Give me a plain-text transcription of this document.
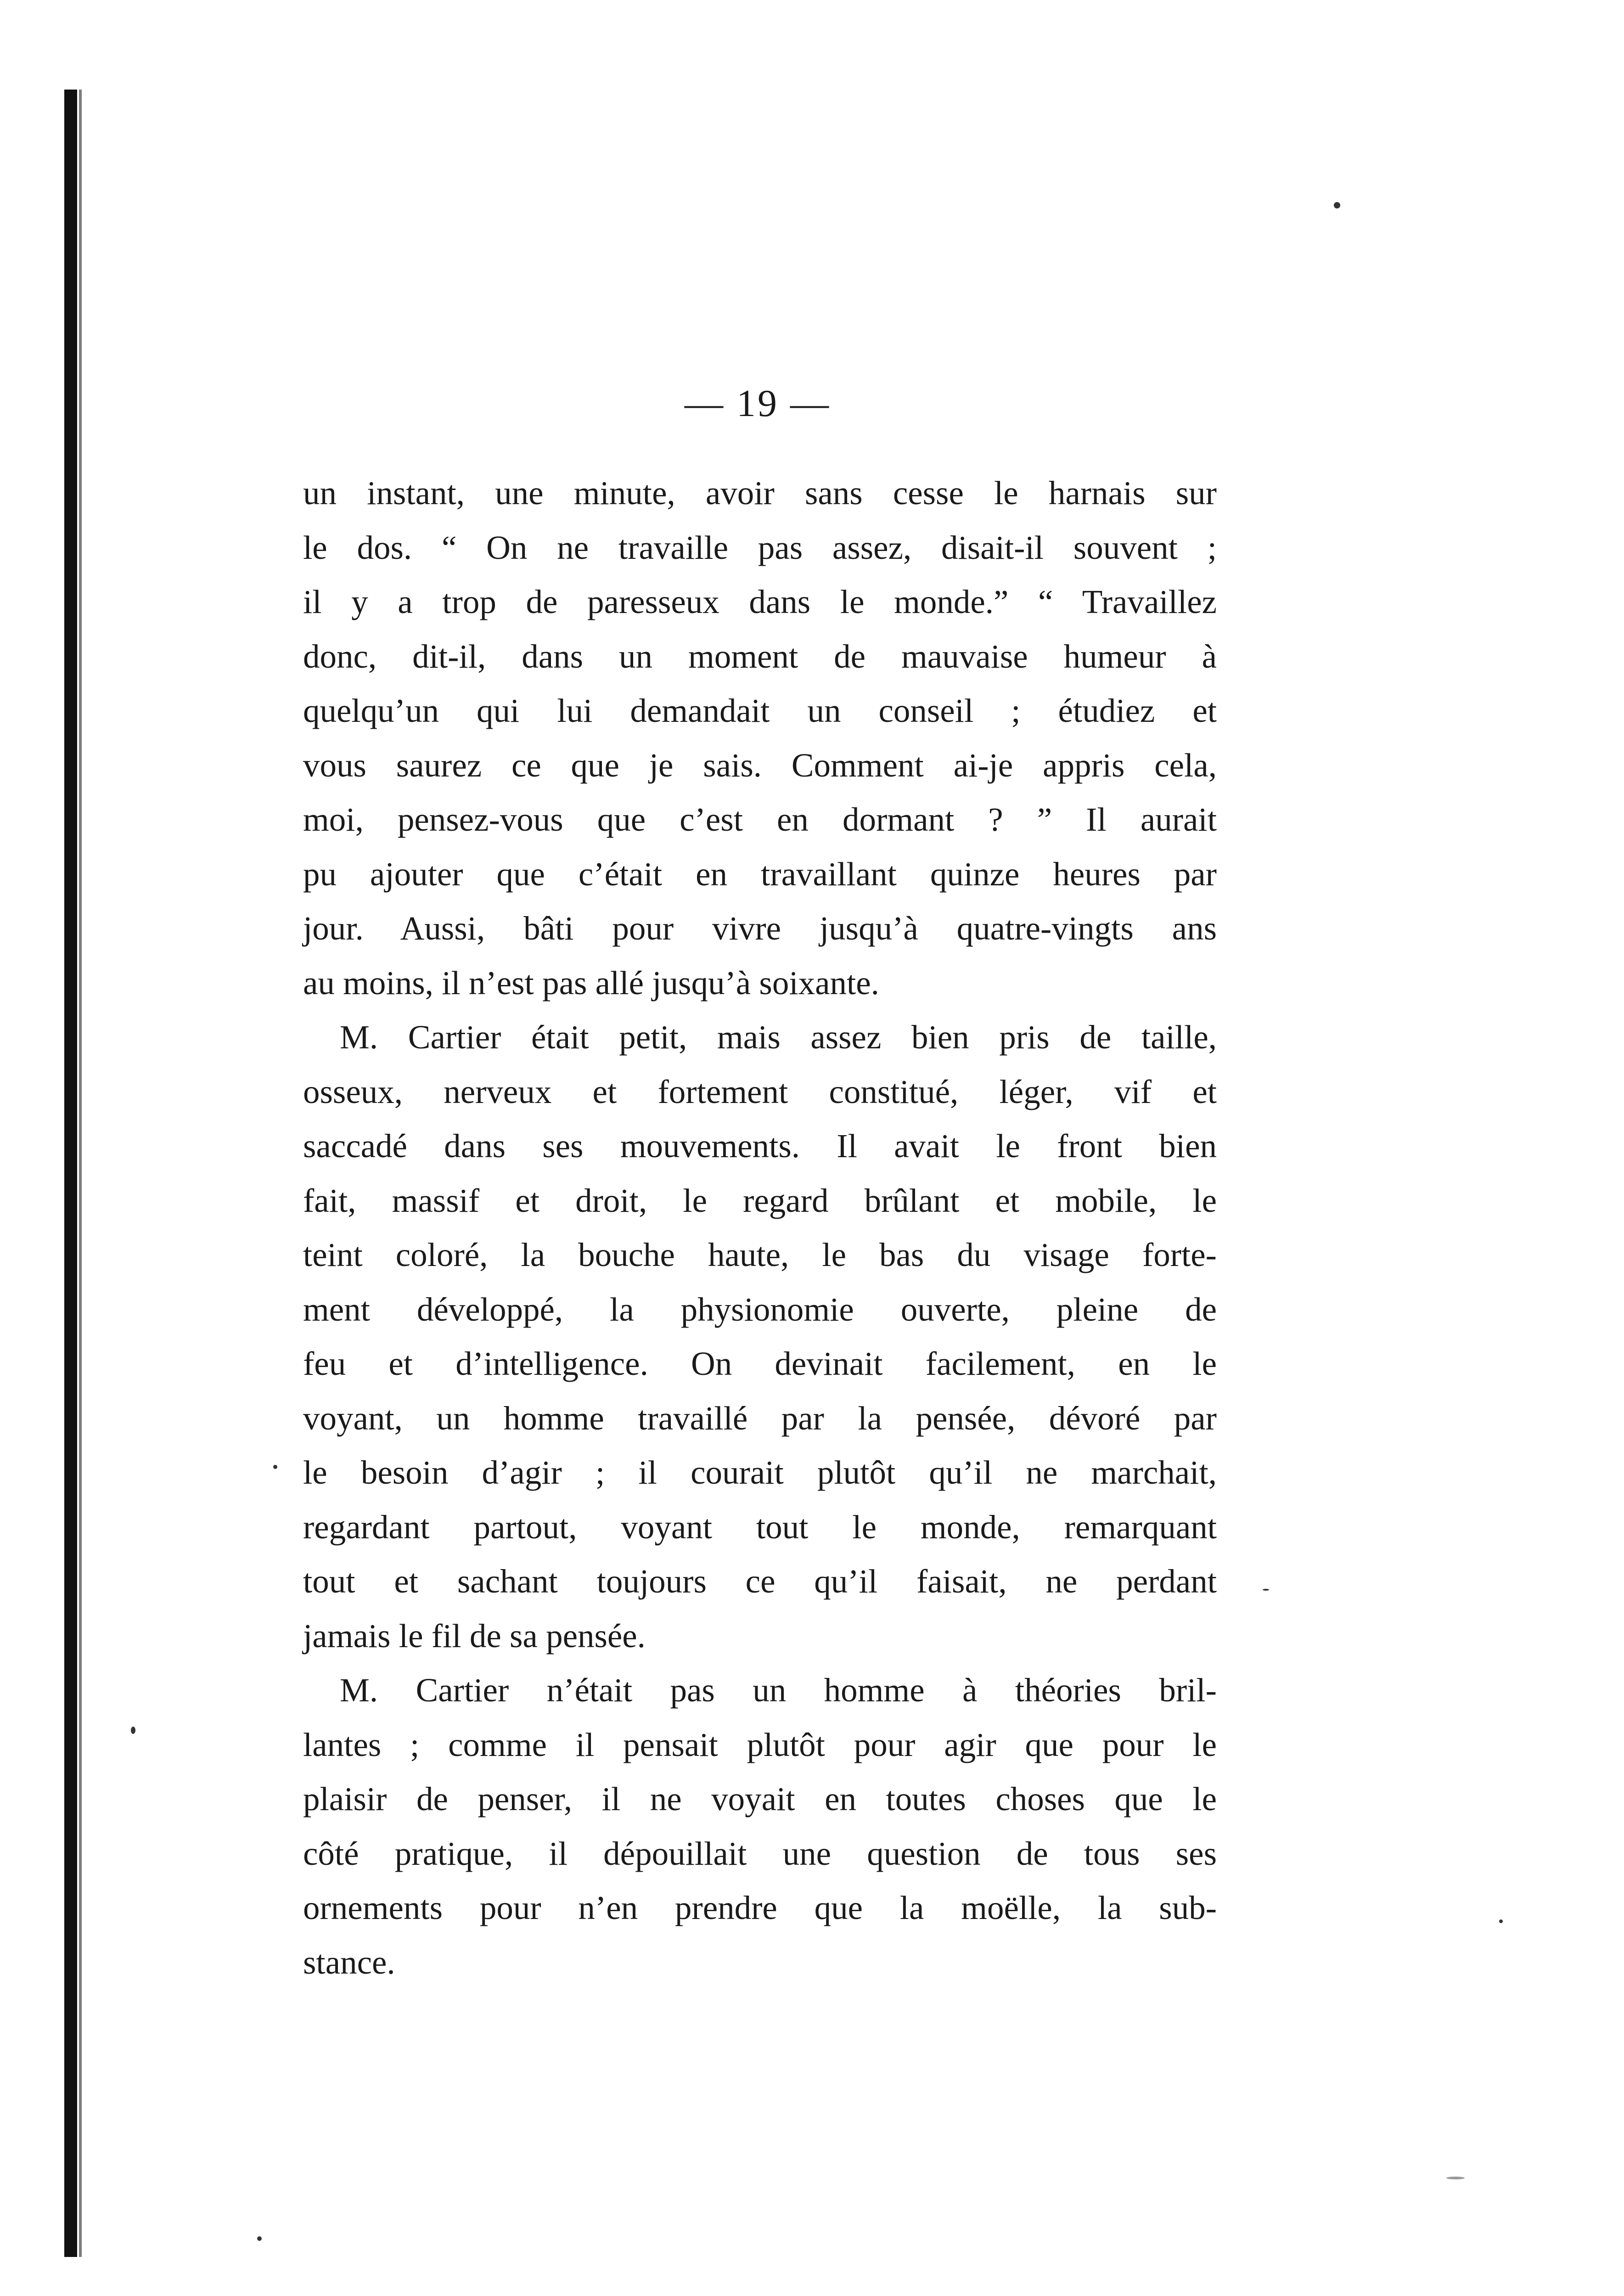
— 19 —
un instant, une minute, avoir sans cesse le harnais sur
le dos. “ On ne travaille pas assez, disait-il souvent ;
il y a trop de paresseux dans le monde.” “ Travaillez
donc, dit-il, dans un moment de mauvaise humeur à
quelqu’un qui lui demandait un conseil ; étudiez et
vous saurez ce que je sais. Comment ai-je appris cela,
moi, pensez-vous que c’est en dormant ? ” Il aurait
pu ajouter que c’était en travaillant quinze heures par
jour. Aussi, bâti pour vivre jusqu’à quatre-vingts ans
au moins, il n’est pas allé jusqu’à soixante.
M. Cartier était petit, mais assez bien pris de taille,
osseux, nerveux et fortement constitué, léger, vif et
saccadé dans ses mouvements. Il avait le front bien
fait, massif et droit, le regard brûlant et mobile, le
teint coloré, la bouche haute, le bas du visage forte-
ment développé, la physionomie ouverte, pleine de
feu et d’intelligence. On devinait facilement, en le
voyant, un homme travaillé par la pensée, dévoré par
le besoin d’agir ; il courait plutôt qu’il ne marchait,
regardant partout, voyant tout le monde, remarquant
tout et sachant toujours ce qu’il faisait, ne perdant
jamais le fil de sa pensée.
M. Cartier n’était pas un homme à théories bril-
lantes ; comme il pensait plutôt pour agir que pour le
plaisir de penser, il ne voyait en toutes choses que le
côté pratique, il dépouillait une question de tous ses
ornements pour n’en prendre que la moëlle, la sub-
stance.
